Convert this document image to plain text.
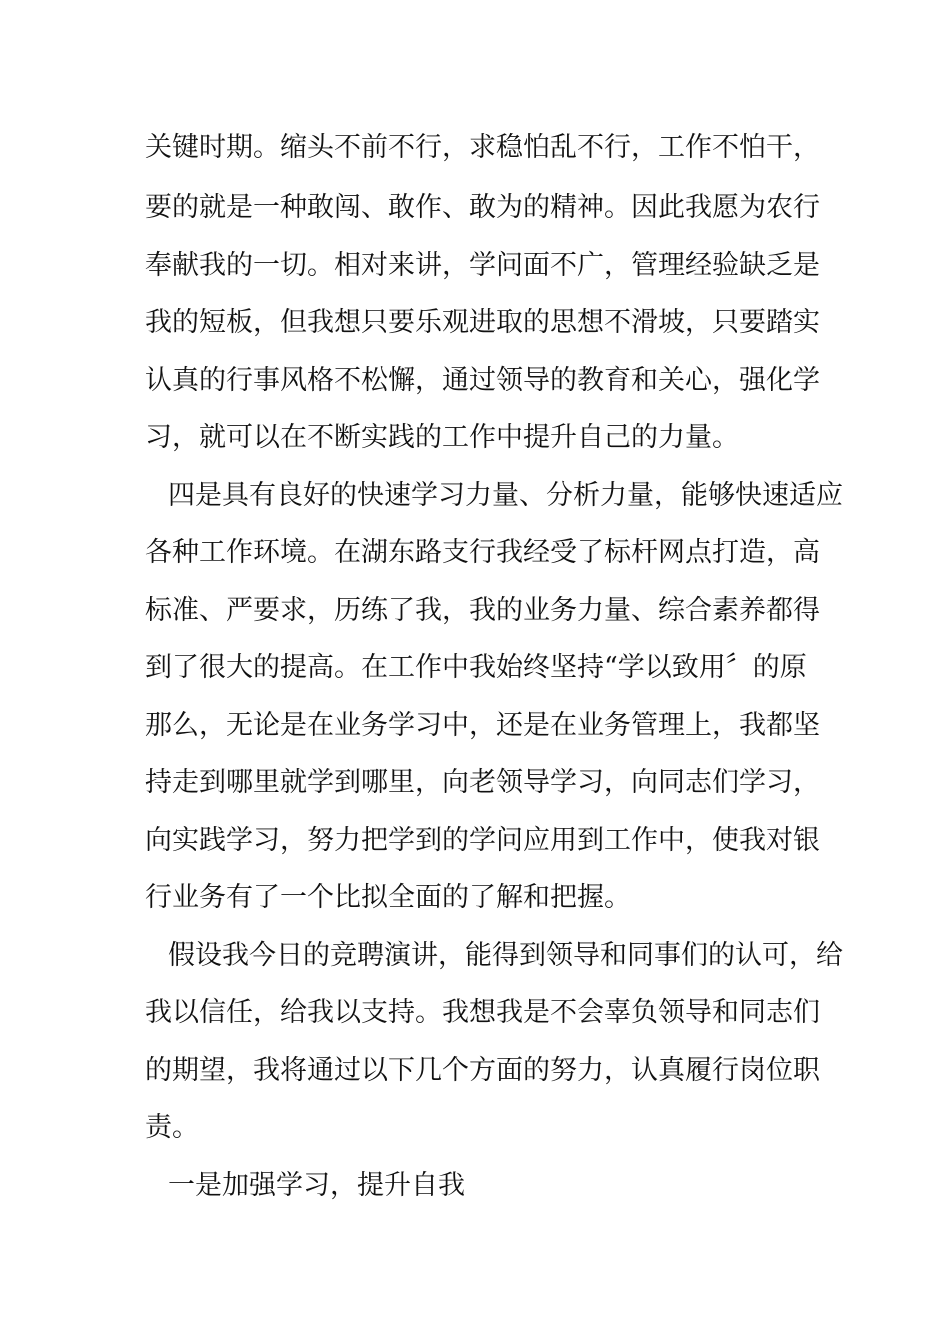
关键时期。缩头不前不行，求稳怕乱不行，工作不怕干，
要的就是一种敢闯、敢作、敢为的精神。因此我愿为农行
奉献我的一切。相对来讲，学问面不广，管理经验缺乏是
我的短板，但我想只要乐观进取的思想不滑坡，只要踏实
认真的行事风格不松懈，通过领导的教育和关心，强化学
习，就可以在不断实践的工作中提升自己的力量。
四是具有良好的快速学习力量、分析力量，能够快速适应
各种工作环境。在湖东路支行我经受了标杆网点打造，高
标准、严要求，历练了我，我的业务力量、综合素养都得
到了很大的提高。在工作中我始终坚持“学以致用〞的原
那么，无论是在业务学习中，还是在业务管理上，我都坚
持走到哪里就学到哪里，向老领导学习，向同志们学习，
向实践学习，努力把学到的学问应用到工作中，使我对银
行业务有了一个比拟全面的了解和把握。
假设我今日的竞聘演讲，能得到领导和同事们的认可，给
我以信任，给我以支持。我想我是不会辜负领导和同志们
的期望，我将通过以下几个方面的努力，认真履行岗位职
责。
一是加强学习，提升自我
